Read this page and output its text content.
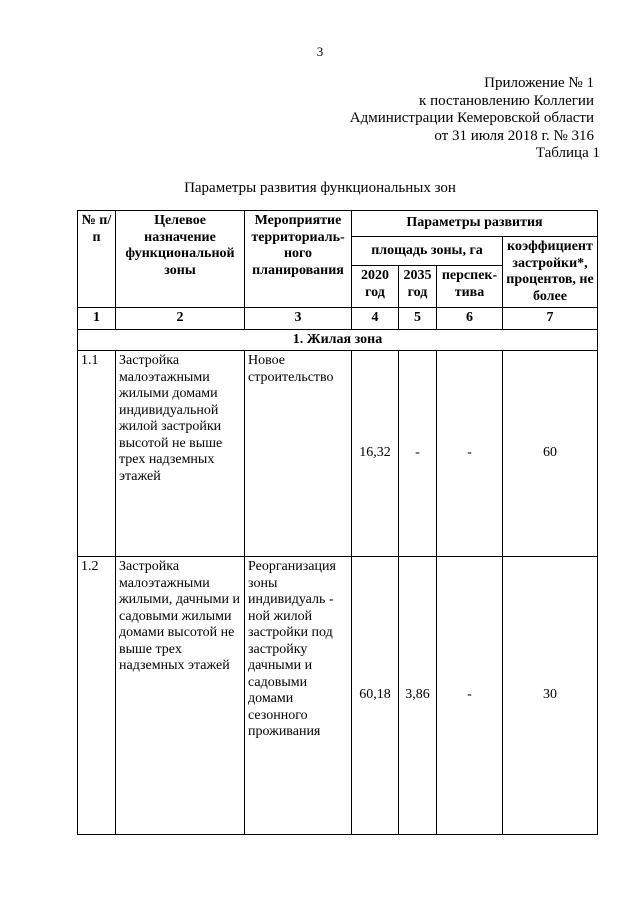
3
Приложение № 1
к постановлению Коллегии
Администрации Кемеровской области
от 31 июля 2018 г. № 316
Таблица 1
Параметры развития функциональных зон
№ п/п	Целевое назначение функциональной зоны	Мероприятие территориаль-ного планирования	Параметры развития			
			площадь зоны, га			коэффициент застройки*, процентов, не более
			2020 год	2035 год	перспек-тива	
1	2	3	4	5	6	7
1. Жилая зона						
1.1	Застройка малоэтажными жилыми домами индивидуальной жилой застройки высотой не выше трех надземных этажей	Новое строительство	16,32	-	-	60
1.2	Застройка малоэтажными жилыми, дачными и садовыми жилыми домами высотой не выше трех надземных этажей	Реорганизация зоны индивидуаль - ной жилой застройки под застройку дачными и садовыми домами сезонного проживания	60,18	3,86	-	30
